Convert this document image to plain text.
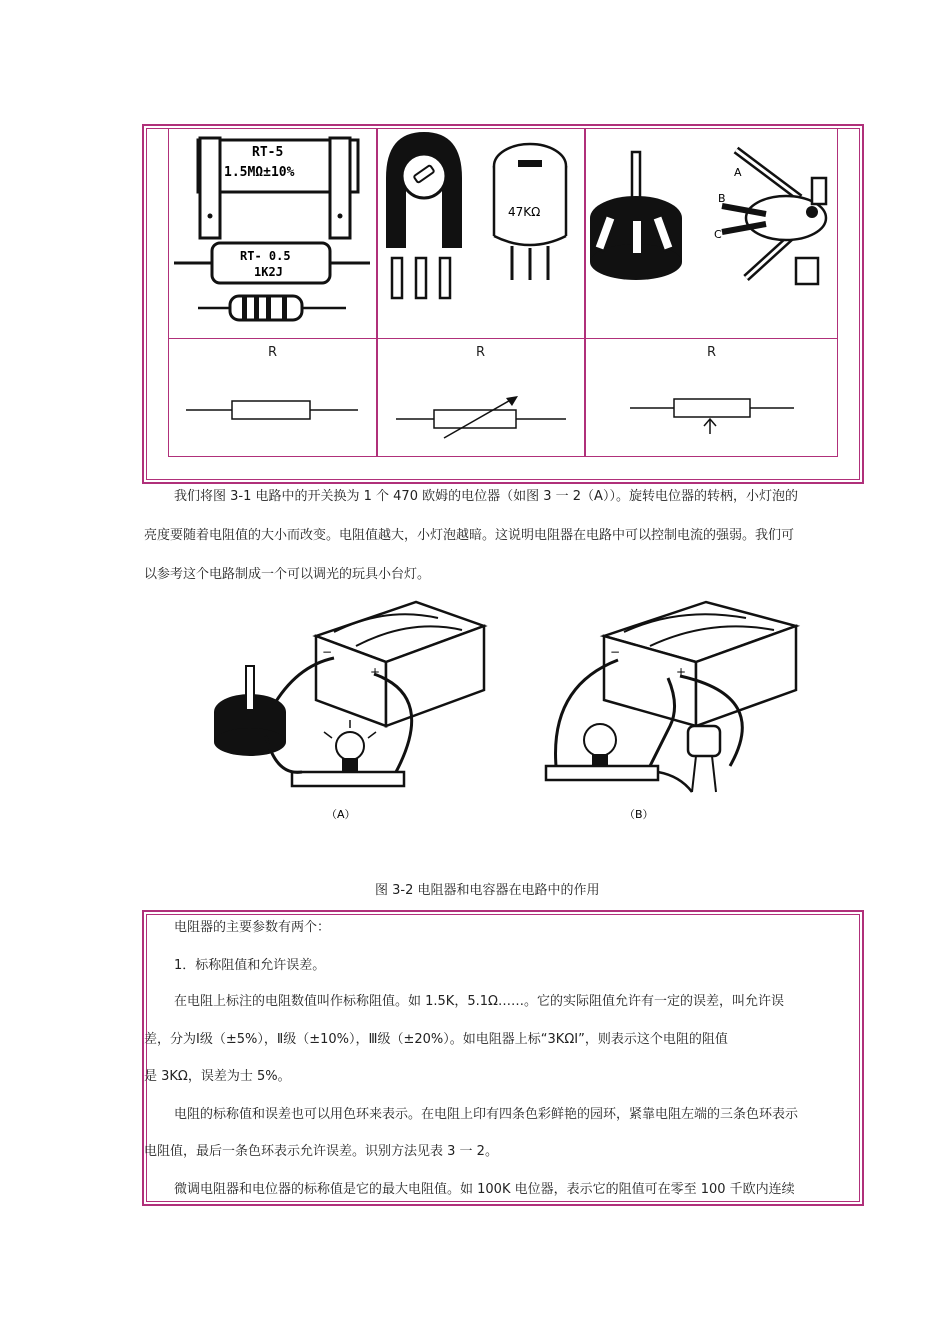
RT-5
1.5MΩ±10%
RT- 0.5
1K2J
47KΩ
A
B
C
R	R	R
我们将图 3-1 电路中的开关换为 1 个 470 欧姆的电位器（如图 3 一 2（A））。旋转电位器的转柄，小灯泡的
亮度要随着电阻值的大小而改变。电阻值越大，小灯泡越暗。这说明电阻器在电路中可以控制电流的强弱。我们可
以参考这个电路制成一个可以调光的玩具小台灯。
−
+
（A）
−
+
（B）
图 3-2 电阻器和电容器在电路中的作用
电阻器的主要参数有两个：
1．标称阻值和允许误差。
在电阻上标注的电阻数值叫作标称阻值。如 1.5K，5.1Ω……。它的实际阻值允许有一定的误差，叫允许误
差，分为Ⅰ级（±5%），Ⅱ级（±10%），Ⅲ级（±20%）。如电阻器上标“3KΩⅠ”，则表示这个电阻的阻值
是 3KΩ，误差为士 5%。
电阻的标称值和误差也可以用色环来表示。在电阻上印有四条色彩鲜艳的园环，紧靠电阻左端的三条色环表示
电阻值，最后一条色环表示允许误差。识别方法见表 3 一 2。
微调电阻器和电位器的标称值是它的最大电阻值。如 100K 电位器，表示它的阻值可在零至 100 千欧内连续
